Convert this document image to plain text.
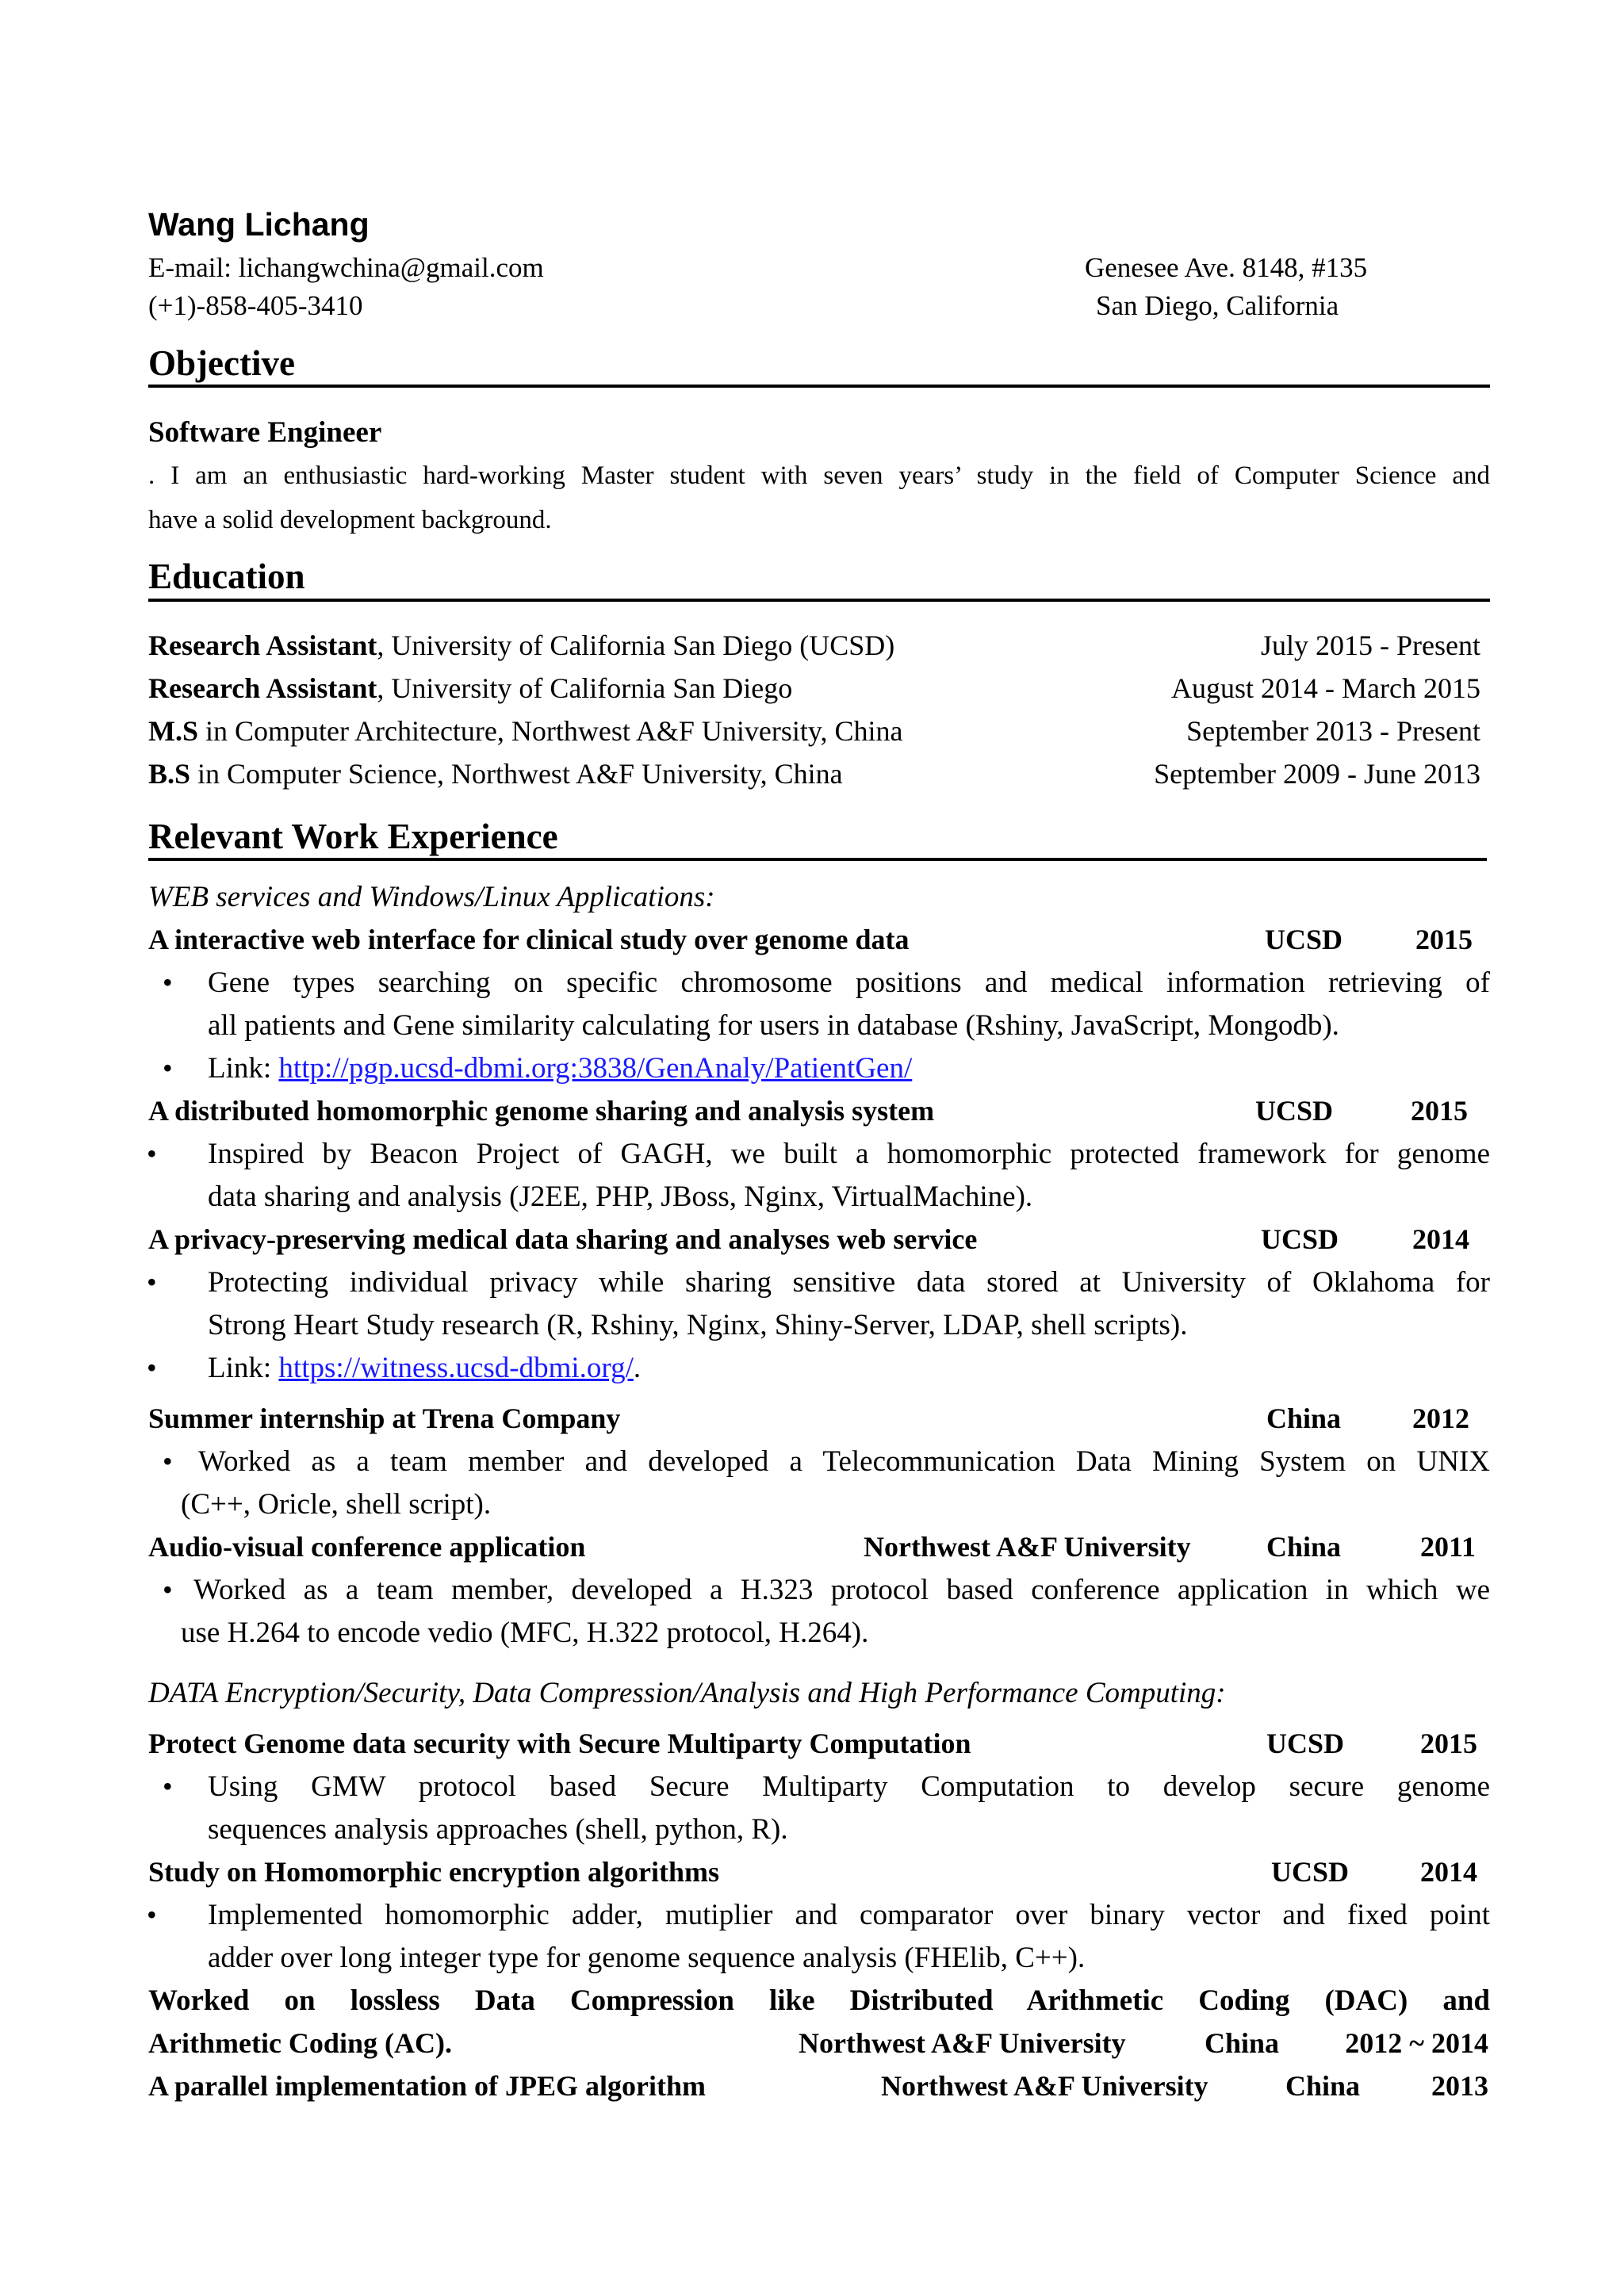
Wang Lichang
E-mail: lichangwchina@gmail.com
(+1)-858-405-3410
Genesee Ave. 8148, #135
San Diego, California
Objective
Software Engineer
. I am an enthusiastic hard-working Master student with seven years’ study in the field of Computer Science and
have a solid development background.
Education
Research Assistant, University of California San Diego (UCSD)	July 2015 - Present
Research Assistant, University of California San Diego	August 2014 - March 2015
M.S in Computer Architecture, Northwest A&F University, China	September 2013 - Present
B.S in Computer Science, Northwest A&F University, China	September 2009 - June 2013
Relevant Work Experience
WEB services and Windows/Linux Applications:
A interactive web interface for clinical study over genome data	UCSD	2015
• Gene types searching on specific chromosome positions and medical information retrieving of
all patients and Gene similarity calculating for users in database (Rshiny, JavaScript, Mongodb).
• Link: http://pgp.ucsd-dbmi.org:3838/GenAnaly/PatientGen/
A distributed homomorphic genome sharing and analysis system	UCSD	2015
• Inspired by Beacon Project of GAGH, we built a homomorphic protected framework for genome
data sharing and analysis (J2EE, PHP, JBoss, Nginx, VirtualMachine).
A privacy-preserving medical data sharing and analyses web service	UCSD	2014
• Protecting individual privacy while sharing sensitive data stored at University of Oklahoma for
Strong Heart Study research (R, Rshiny, Nginx, Shiny-Server, LDAP, shell scripts).
• Link: https://witness.ucsd-dbmi.org/.
Summer internship at Trena Company	China 2012
• Worked as a team member and developed a Telecommunication Data Mining System on UNIX
(C++, Oricle, shell script).
Audio-visual conference application	Northwest A&F University	China	2011
• Worked as a team member, developed a H.323 protocol based conference application in which we
use H.264 to encode vedio (MFC, H.322 protocol, H.264).
DATA Encryption/Security, Data Compression/Analysis and High Performance Computing:
Protect Genome data security with Secure Multiparty Computation	UCSD	2015
• Using GMW protocol based Secure Multiparty Computation to develop secure genome
sequences analysis approaches (shell, python, R).
Study on Homomorphic encryption algorithms	UCSD 2014
• Implemented homomorphic adder, mutiplier and comparator over binary vector and fixed point
adder over long integer type for genome sequence analysis (FHElib, C++).
Worked on lossless Data Compression like Distributed Arithmetic Coding (DAC) and
Arithmetic Coding (AC).	Northwest A&F University	China 2012 ~ 2014
A parallel implementation of JPEG algorithm	Northwest A&F University	China 2013
